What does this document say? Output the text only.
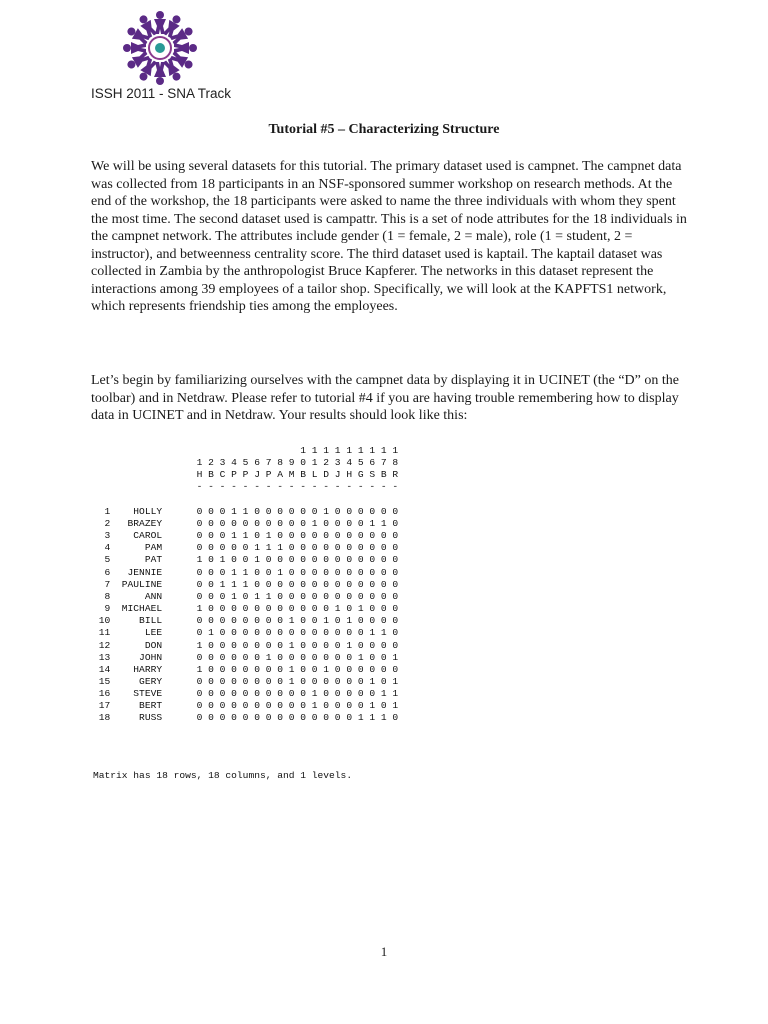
ISSH 2011 - SNA Track
Tutorial #5 – Characterizing Structure

We will be using several datasets for this tutorial. The primary dataset used is campnet. The campnet data was collected from 18 participants in an NSF-sponsored summer workshop on research methods. At the end of the workshop, the 18 participants were asked to name the three individuals with whom they spent the most time. The second dataset used is campattr. This is a set of node attributes for the 18 individuals in the campnet network. The attributes include gender (1 = female, 2 = male), role (1 = student, 2 = instructor), and betweenness centrality score. The third dataset used is kaptail. The kaptail dataset was collected in Zambia by the anthropologist Bruce Kapferer. The networks in this dataset represent the interactions among 39 employees of a tailor shop. Specifically, we will look at the KAPFTS1 network, which represents friendship ties among the employees.

Let’s begin by familiarizing ourselves with the campnet data by displaying it in UCINET (the “D” on the toolbar) and in Netdraw. Please refer to tutorial #4 if you are having trouble remembering how to display data in UCINET and in Netdraw. Your results should look like this:

1 1 1 1 1 1 1 1 1
1 2 3 4 5 6 7 8 9 0 1 2 3 4 5 6 7 8
H B C P P J P A M B L D J H G S B R
- - - - - - - - - - - - - - - - - -

1    HOLLY      0 0 0 1 1 0 0 0 0 0 0 1 0 0 0 0 0 0
2   BRAZEY      0 0 0 0 0 0 0 0 0 0 1 0 0 0 0 1 1 0
3    CAROL      0 0 0 1 1 0 1 0 0 0 0 0 0 0 0 0 0 0
4      PAM      0 0 0 0 0 1 1 1 0 0 0 0 0 0 0 0 0 0
5      PAT      1 0 1 0 0 1 0 0 0 0 0 0 0 0 0 0 0 0
6   JENNIE      0 0 0 1 1 0 0 1 0 0 0 0 0 0 0 0 0 0
7  PAULINE      0 0 1 1 1 0 0 0 0 0 0 0 0 0 0 0 0 0
8      ANN      0 0 0 1 0 1 1 0 0 0 0 0 0 0 0 0 0 0
9  MICHAEL      1 0 0 0 0 0 0 0 0 0 0 0 1 0 1 0 0 0
10     BILL      0 0 0 0 0 0 0 0 1 0 0 1 0 1 0 0 0 0
11      LEE      0 1 0 0 0 0 0 0 0 0 0 0 0 0 0 1 1 0
12      DON      1 0 0 0 0 0 0 0 1 0 0 0 0 1 0 0 0 0
13     JOHN      0 0 0 0 0 0 1 0 0 0 0 0 0 0 1 0 0 1
14    HARRY      1 0 0 0 0 0 0 0 1 0 0 1 0 0 0 0 0 0
15     GERY      0 0 0 0 0 0 0 0 1 0 0 0 0 0 0 1 0 1
16    STEVE      0 0 0 0 0 0 0 0 0 0 1 0 0 0 0 0 1 1
17     BERT      0 0 0 0 0 0 0 0 0 0 1 0 0 0 0 1 0 1
18     RUSS      0 0 0 0 0 0 0 0 0 0 0 0 0 0 1 1 1 0

Matrix has 18 rows, 18 columns, and 1 levels.
1
